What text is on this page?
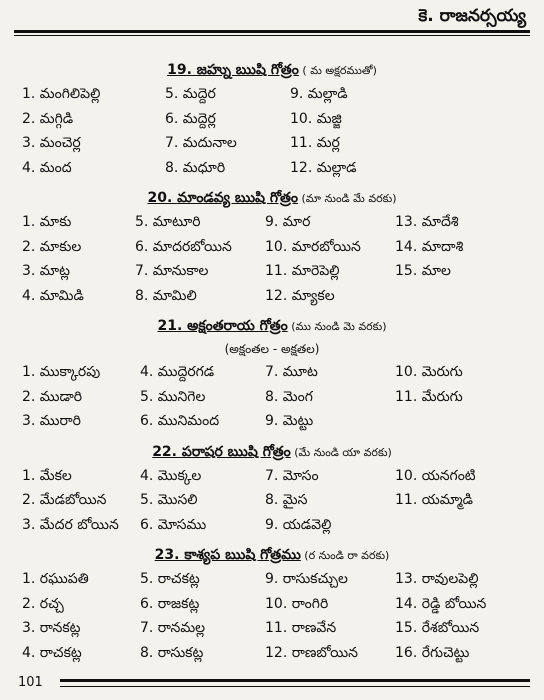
కె. రాజనర్సయ్య
19. జహ్ను ఋషి గోత్రం ( మ అక్షరముతో)
1. మంగిలిపెల్లి	5. మద్దెర	9. మల్లాడి
2. మగ్గిడి	6. మద్దెర్ల	10. మజ్జి
3. మంచెర్ల	7. మదునాల	11. మర్ల
4. మంద	8. మధూరి	12. మల్లాడ
20. మాండవ్య ఋషి గోత్రం (మా నుండి మే వరకు)
1. మాకు	5. మాటూరి	9. మార	13. మాదేశి
2. మాకుల	6. మాదరబోయిన 10. మారబోయిన 14. మాదాశి
3. మాట్ల	7. మానుకాల	11. మారెపెల్లి	15. మాల
4. మామిడి	8. మామిలి	12. మ్యాకల
21. అక్షంతరాయ గోత్రం (ము నుండి మె వరకు)
(అక్షంతల - అక్షతల)
1. ముక్కారపు	4. ముద్దెరగడ	7. మూట	10. మెరుగు
2. ముడారి	5. మునిగెల	8. మెంగ	11. మేరుగు
3. మురారి	6. మునిమంద	9. మెట్టు
22. పరాషర ఋషి గోత్రం (మే నుండి యా వరకు)
1. మేకల	4. మొక్కల	7. మోసం	10. యనగంటి
2. మేడబోయిన 5. మొసలి	8. మైస	11. యమ్మాడి
3. మేదర బోయిన 6. మోసము	9. యడవెల్లి
23. కాశ్యప ఋషి గోత్రము (ర నుండి రా వరకు)
1. రఘుపతి	5. రాచకట్ల	9. రాసుకచ్చుల	13. రావులపెల్లి
2. రచ్చ	6. రాజకట్ల	10. రాంగిరి	14. రెడ్డి బోయిన
3. రానకట్ల	7. రానమల్ల	11. రాణవేన	15. రేశబోయిన
4. రాచకట్ల	8. రాసుకట్ల	12. రాణబోయిన	16. రేగుచెట్టు
101
